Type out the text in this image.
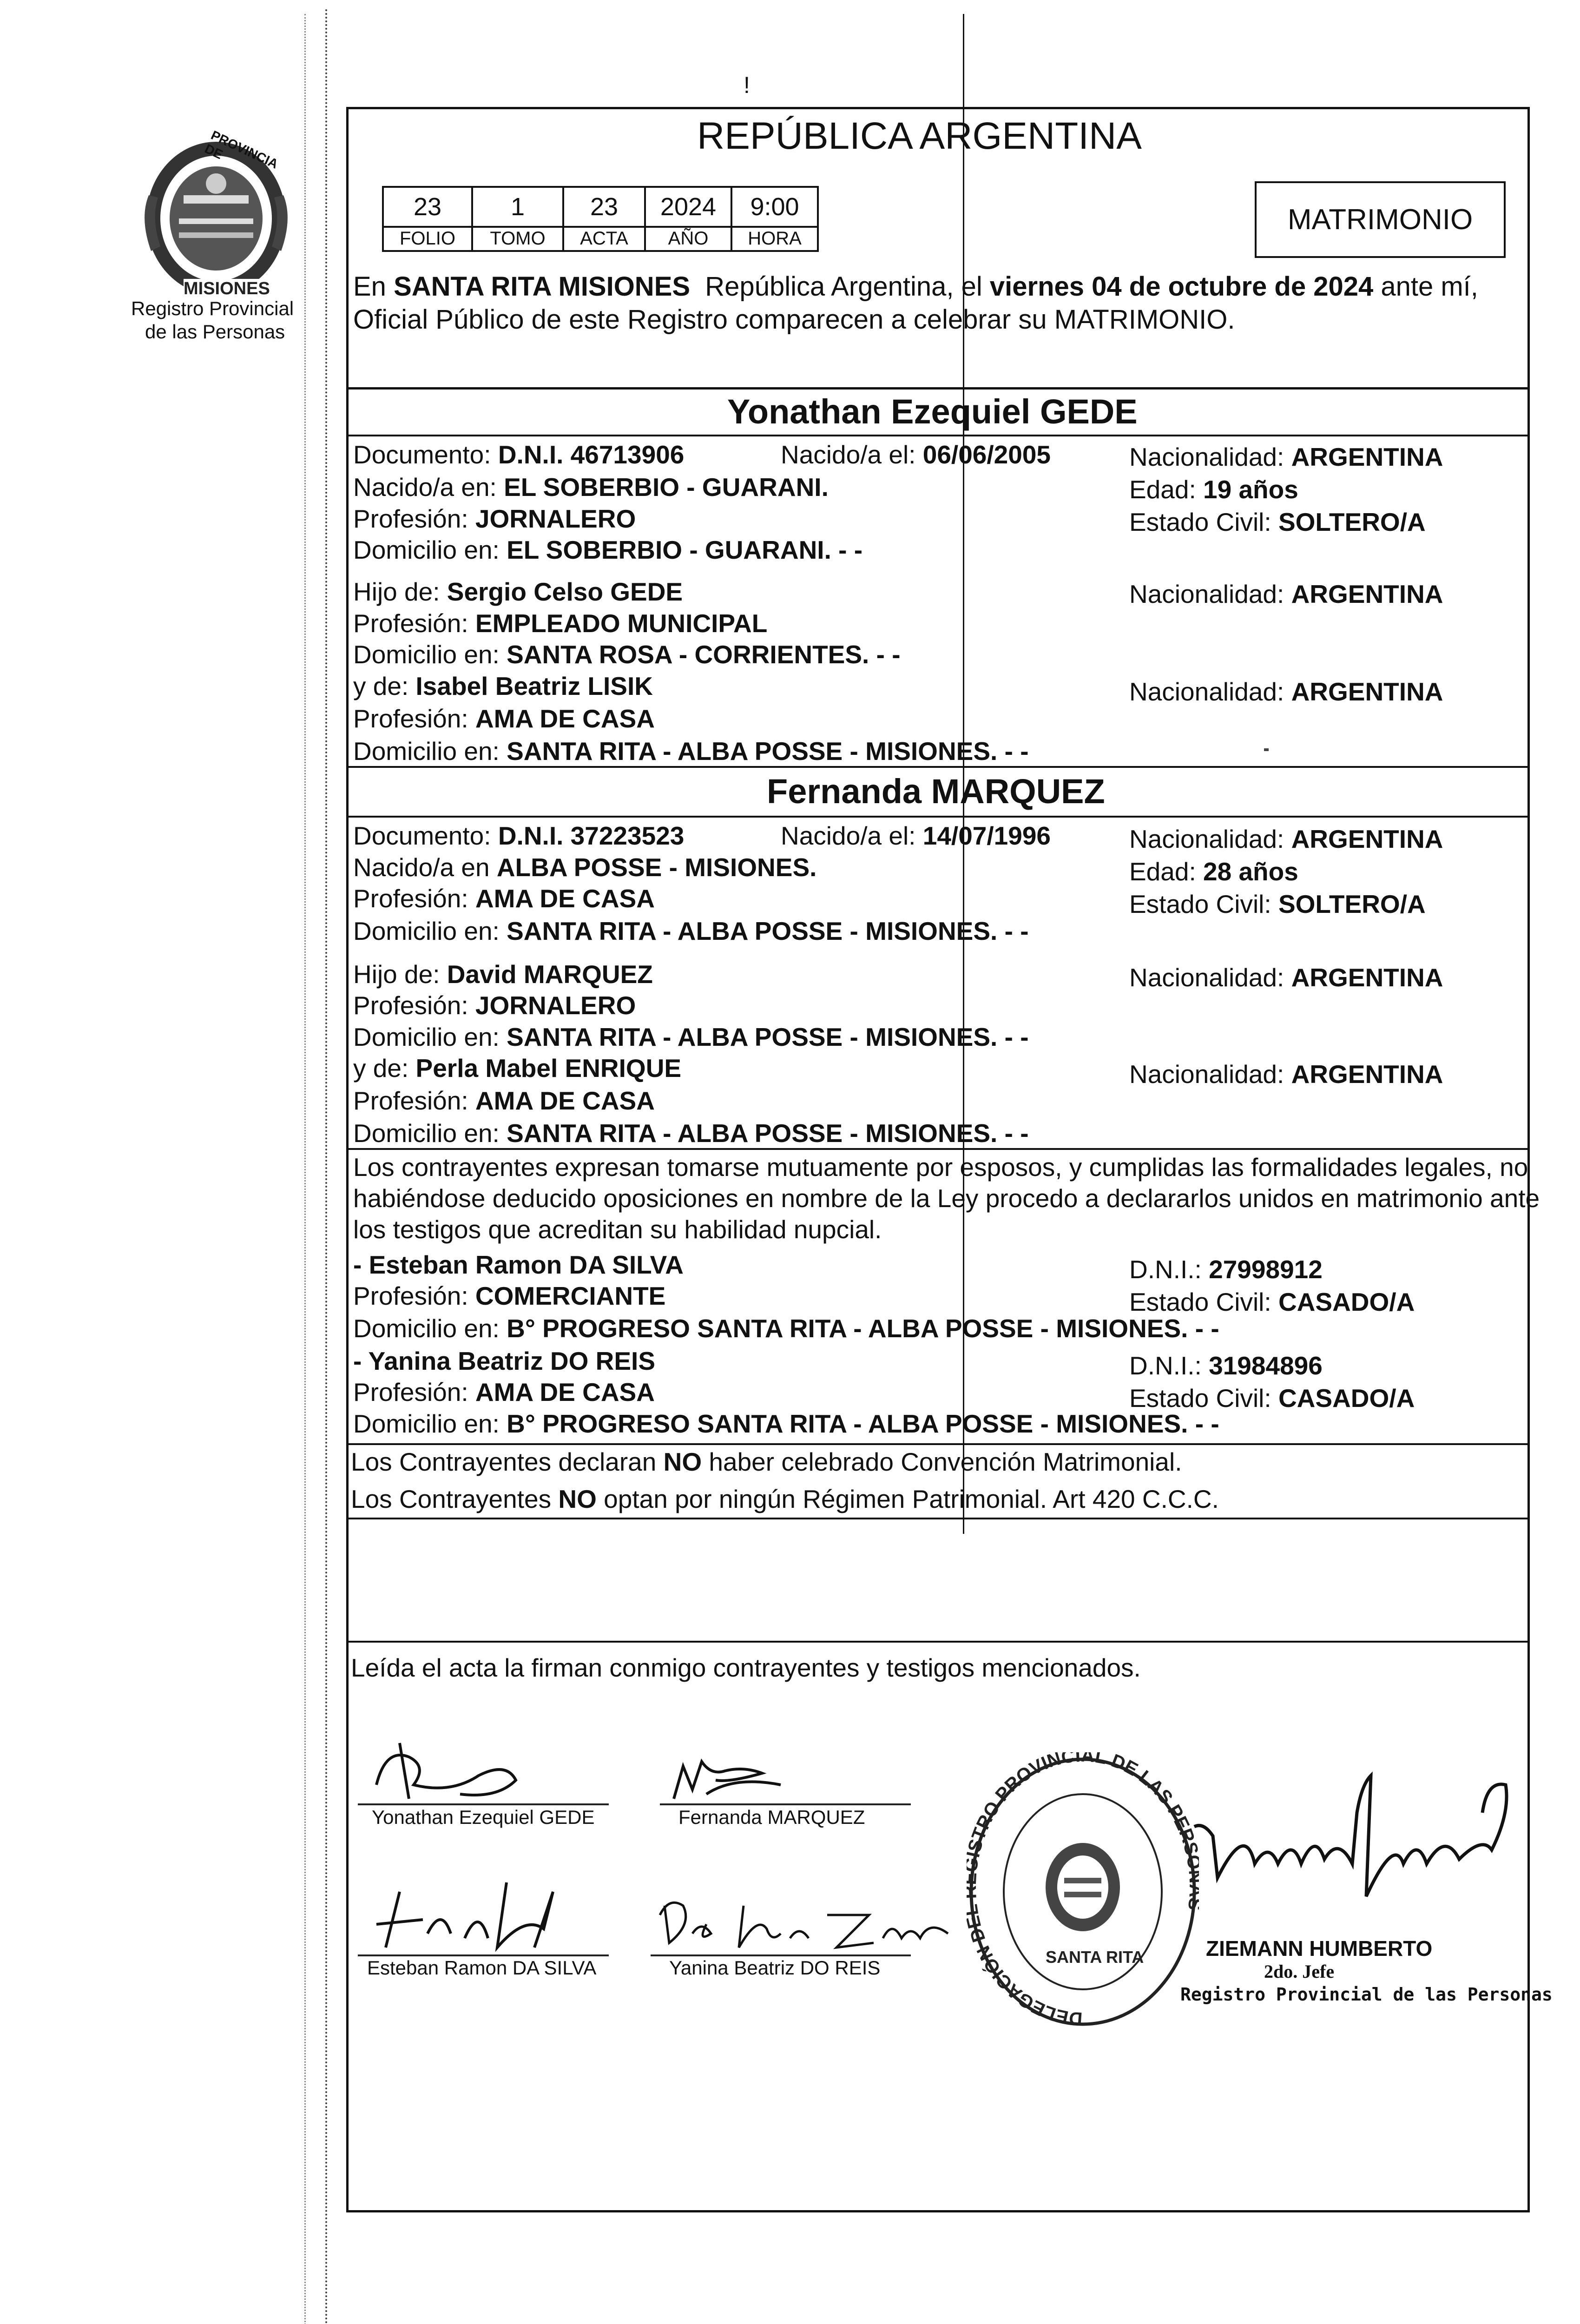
PROVINCIA DE
MISIONES
Registro Provincial
de las Personas
!
REPÚBLICA ARGENTINA
23	1	23	2024	9:00
FOLIO	TOMO	ACTA	AÑO	HORA
MATRIMONIO
En SANTA RITA MISIONES  República Argentina, el viernes 04 de octubre de 2024 ante mí,
Oficial Público de este Registro comparecen a celebrar su MATRIMONIO.
Yonathan Ezequiel GEDE
Documento: D.N.I. 46713906	Nacido/a el: 06/06/2005	Nacionalidad: ARGENTINA
Nacido/a en: EL SOBERBIO - GUARANI.	Edad: 19 años
Profesión: JORNALERO	Estado Civil: SOLTERO/A
Domicilio en: EL SOBERBIO - GUARANI. - -
Hijo de: Sergio Celso GEDE	Nacionalidad: ARGENTINA
Profesión: EMPLEADO MUNICIPAL
Domicilio en: SANTA ROSA - CORRIENTES. - -
y de: Isabel Beatriz LISIK	Nacionalidad: ARGENTINA
Profesión: AMA DE CASA
Domicilio en: SANTA RITA - ALBA POSSE - MISIONES. - -
Fernanda MARQUEZ
Documento: D.N.I. 37223523	Nacido/a el: 14/07/1996	Nacionalidad: ARGENTINA
Nacido/a en ALBA POSSE - MISIONES.	Edad: 28 años
Profesión: AMA DE CASA	Estado Civil: SOLTERO/A
Domicilio en: SANTA RITA - ALBA POSSE - MISIONES. - -
Hijo de: David MARQUEZ	Nacionalidad: ARGENTINA
Profesión: JORNALERO
Domicilio en: SANTA RITA - ALBA POSSE - MISIONES. - -
y de: Perla Mabel ENRIQUE	Nacionalidad: ARGENTINA
Profesión: AMA DE CASA
Domicilio en: SANTA RITA - ALBA POSSE - MISIONES. - -
Los contrayentes expresan tomarse mutuamente por esposos, y cumplidas las formalidades legales, no
habiéndose deducido oposiciones en nombre de la Ley procedo a declararlos unidos en matrimonio ante
los testigos que acreditan su habilidad nupcial.
- Esteban Ramon DA SILVA	D.N.I.: 27998912
Profesión: COMERCIANTE	Estado Civil: CASADO/A
Domicilio en: B° PROGRESO SANTA RITA - ALBA POSSE - MISIONES. - -
- Yanina Beatriz DO REIS	D.N.I.: 31984896
Profesión: AMA DE CASA	Estado Civil: CASADO/A
Domicilio en: B° PROGRESO SANTA RITA - ALBA POSSE - MISIONES. - -
Los Contrayentes declaran NO haber celebrado Convención Matrimonial.
Los Contrayentes NO optan por ningún Régimen Patrimonial. Art 420 C.C.C.
Leída el acta la firman conmigo contrayentes y testigos mencionados.
Yonathan Ezequiel GEDE	Fernanda MARQUEZ
Esteban Ramon DA SILVA	Yanina Beatriz DO REIS
DELEGACIÓN D TRO PROVINCIAL DE LAS PER
SANTA RITA	ZIEMANN HUMBERTO
2do. Jefe
Registro Provincial de las Personas
